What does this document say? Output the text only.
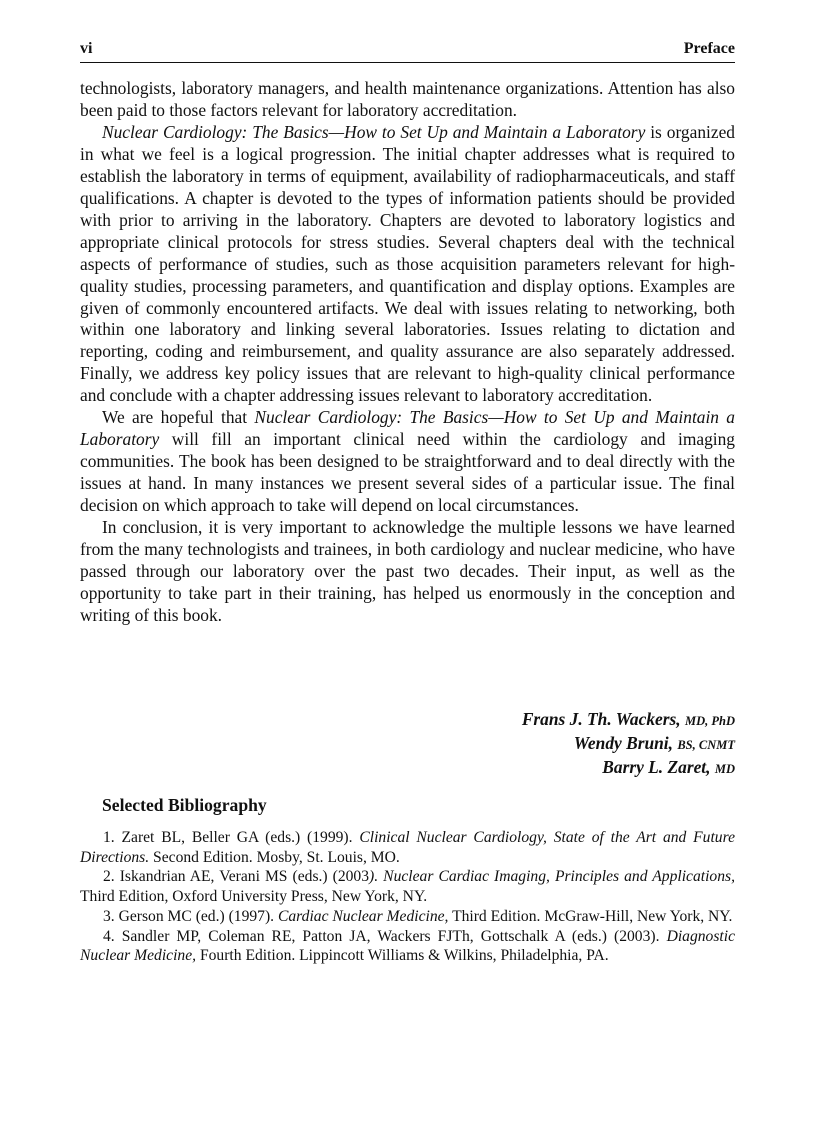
vi	Preface

technologists, laboratory managers, and health maintenance organizations. Attention has also been paid to those factors relevant for laboratory accreditation.

Nuclear Cardiology: The Basics—How to Set Up and Maintain a Laboratory is organized in what we feel is a logical progression. The initial chapter addresses what is required to establish the laboratory in terms of equipment, availability of radiopharmaceuticals, and staff qualifications. A chapter is devoted to the types of information patients should be provided with prior to arriving in the laboratory. Chapters are devoted to laboratory logistics and appropriate clinical protocols for stress studies. Several chapters deal with the technical aspects of performance of studies, such as those acquisition parameters relevant for high-quality studies, processing parameters, and quantification and display options. Examples are given of commonly encountered artifacts. We deal with issues relating to networking, both within one laboratory and linking several laboratories. Issues relating to dictation and reporting, coding and reimbursement, and quality assurance are also separately addressed. Finally, we address key policy issues that are relevant to high-quality clinical performance and conclude with a chapter addressing issues relevant to laboratory accreditation.

We are hopeful that Nuclear Cardiology: The Basics—How to Set Up and Maintain a Laboratory will fill an important clinical need within the cardiology and imaging communities. The book has been designed to be straightforward and to deal directly with the issues at hand. In many instances we present several sides of a particular issue. The final decision on which approach to take will depend on local circumstances.

In conclusion, it is very important to acknowledge the multiple lessons we have learned from the many technologists and trainees, in both cardiology and nuclear medicine, who have passed through our laboratory over the past two decades. Their input, as well as the opportunity to take part in their training, has helped us enormously in the conception and writing of this book.

Frans J. Th. Wackers, MD, PhD
Wendy Bruni, BS, CNMT
Barry L. Zaret, MD
Selected Bibliography

1. Zaret BL, Beller GA (eds.) (1999). Clinical Nuclear Cardiology, State of the Art and Future Directions. Second Edition. Mosby, St. Louis, MO.

2. Iskandrian AE, Verani MS (eds.) (2003). Nuclear Cardiac Imaging, Principles and Applications, Third Edition, Oxford University Press, New York, NY.

3. Gerson MC (ed.) (1997). Cardiac Nuclear Medicine, Third Edition. McGraw-Hill, New York, NY.

4. Sandler MP, Coleman RE, Patton JA, Wackers FJTh, Gottschalk A (eds.) (2003). Diagnostic Nuclear Medicine, Fourth Edition. Lippincott Williams & Wilkins, Philadelphia, PA.
